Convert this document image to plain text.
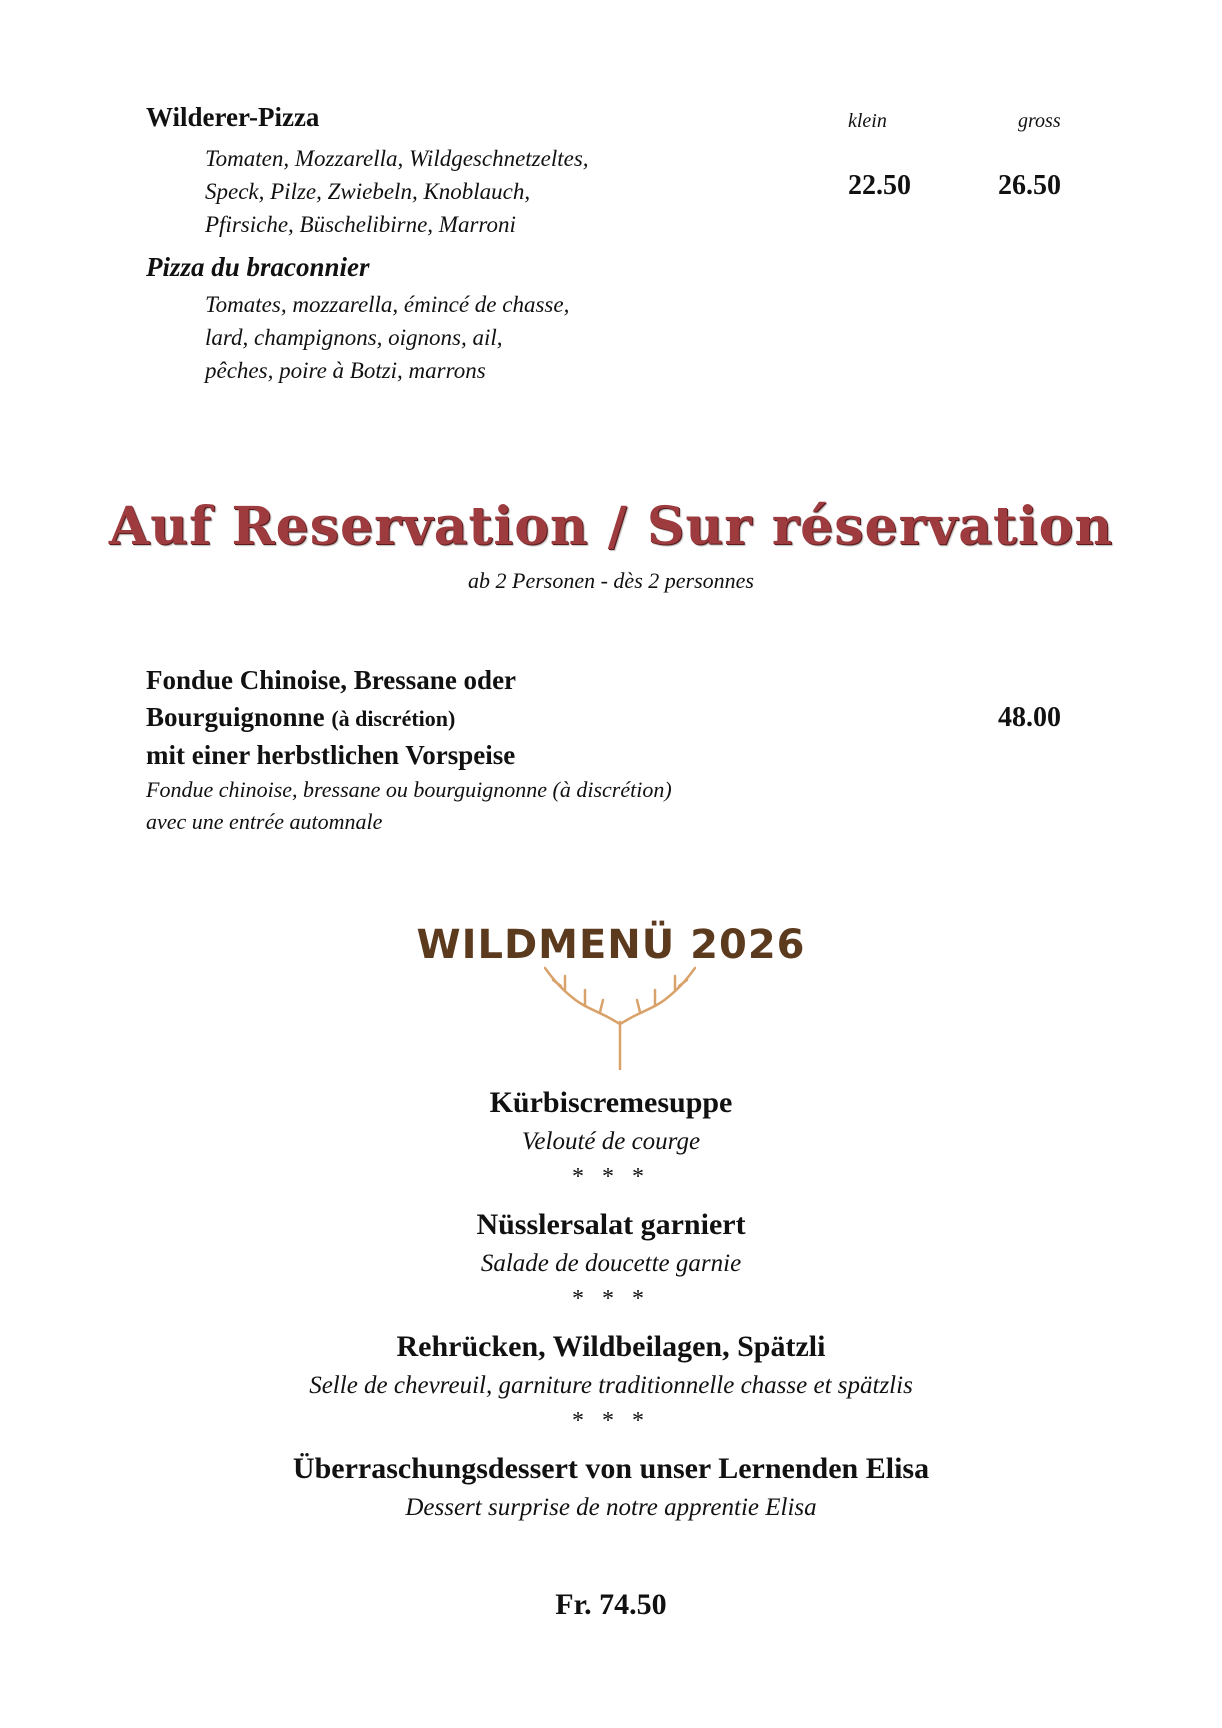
Wilderer-Pizza	klein	gross
Tomaten, Mozzarella, Wildgeschnetzeltes,
Speck, Pilze, Zwiebeln, Knoblauch,
Pfirsiche, Büschelibirne, Marroni
22.50	26.50
Pizza du braconnier
Tomates, mozzarella, émincé de chasse,
lard, champignons, oignons, ail,
pêches, poire à Botzi, marrons
Auf Reservation / Sur réservation
ab 2 Personen - dès 2 personnes
Fondue Chinoise, Bressane oder
Bourguignonne (à discrétion)
mit einer herbstlichen Vorspeise
48.00
Fondue chinoise, bressane ou bourguignonne (à discrétion)
avec une entrée automnale
WILDMENÜ 2026
Kürbiscremesuppe
Velouté de courge
* * *
Nüsslersalat garniert
Salade de doucette garnie
* * *
Rehrücken, Wildbeilagen, Spätzli
Selle de chevreuil, garniture traditionnelle chasse et spätzlis
* * *
Überraschungsdessert von unser Lernenden Elisa
Dessert surprise de notre apprentie Elisa
Fr. 74.50
